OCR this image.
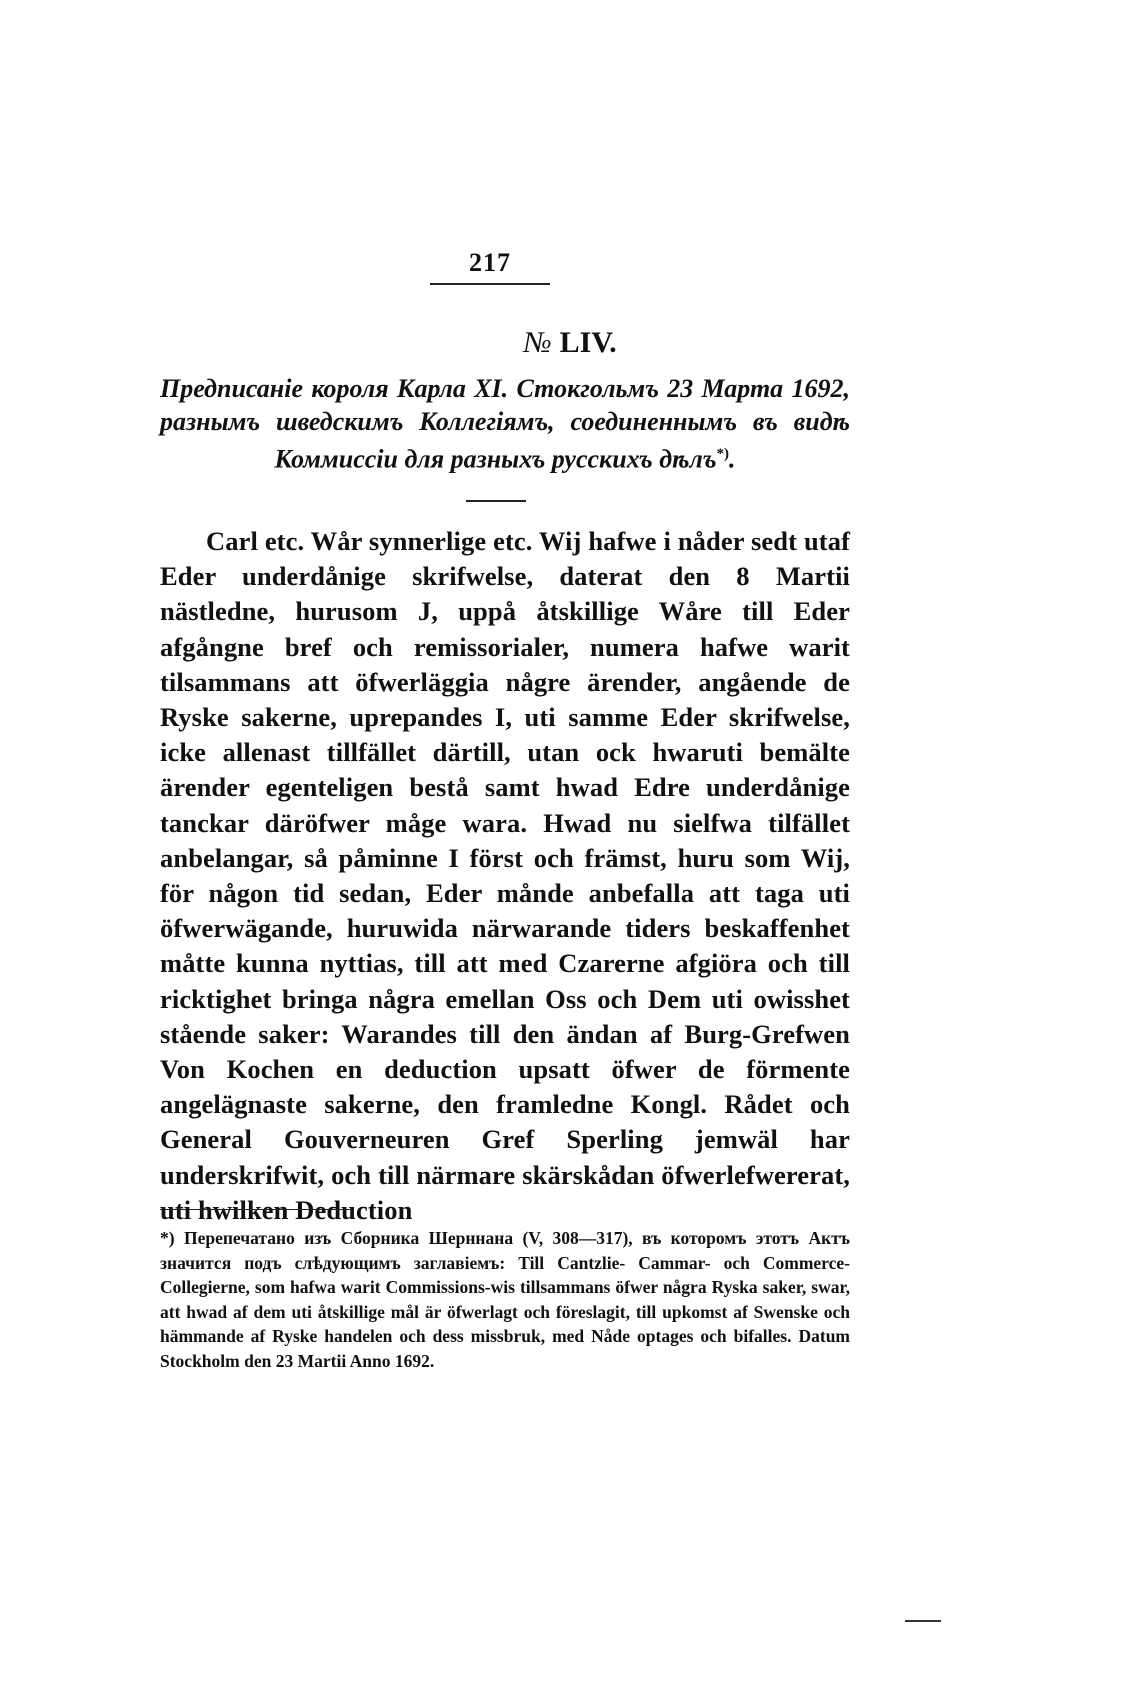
217
№ LIV.
Предписаніе короля Карла XI. Стокгольмъ 23 Марта 1692, разнымъ шведскимъ Коллегіямъ, соединеннымъ въ видѣ Коммиссіи для разныхъ русскихъ дѣлъ*).
Carl etc. Wår synnerlige etc. Wij hafwe i nåder sedt utaf Eder underdånige skrifwelse, daterat den 8 Martii nästledne, hurusom J, uppå åtskillige Wåre till Eder afgångne bref och remissorialer, numera hafwe warit tilsammans att öfwerläggia någre ärender, angående de Ryske sakerne, uprepandes I, uti samme Eder skrifwelse, icke allenast tillfället därtill, utan ock hwaruti bemälte ärender egenteligen bestå samt hwad Edre underdånige tanckar däröfwer måge wara. Hwad nu sielfwa tilfället anbelangar, så påminne I först och främst, huru som Wij, för någon tid sedan, Eder månde anbefalla att taga uti öfwerwägande, huruwida närwarande tiders beskaffenhet måtte kunna nyttias, till att med Czarerne afgiöra och till ricktighet bringa några emellan Oss och Dem uti owisshet stående saker: Warandes till den ändan af Burg-Grefwen Von Kochen en deduction upsatt öfwer de förmente angelägnaste sakerne, den framledne Kongl. Rådet och General Gouverneuren Gref Sperling jemwäl har underskrifwit, och till närmare skärskådan öfwerlefwererat, uti hwilken Deduction
*) Перепечатано изъ Сборника Шерннана (V, 308—317), въ которомъ этотъ Актъ значится подъ слѣдующимъ заглавіемъ: Till Cantzlie- Cammar- och Commerce-Collegierne, som hafwa warit Commissions-wis tillsammans öfwer några Ryska saker, swar, att hwad af dem uti åtskillige mål är öfwerlagt och föreslagit, till upkomst af Swenske och hämmande af Ryske handelen och dess missbruk, med Nåde optages och bifalles. Datum Stockholm den 23 Martii Anno 1692.
